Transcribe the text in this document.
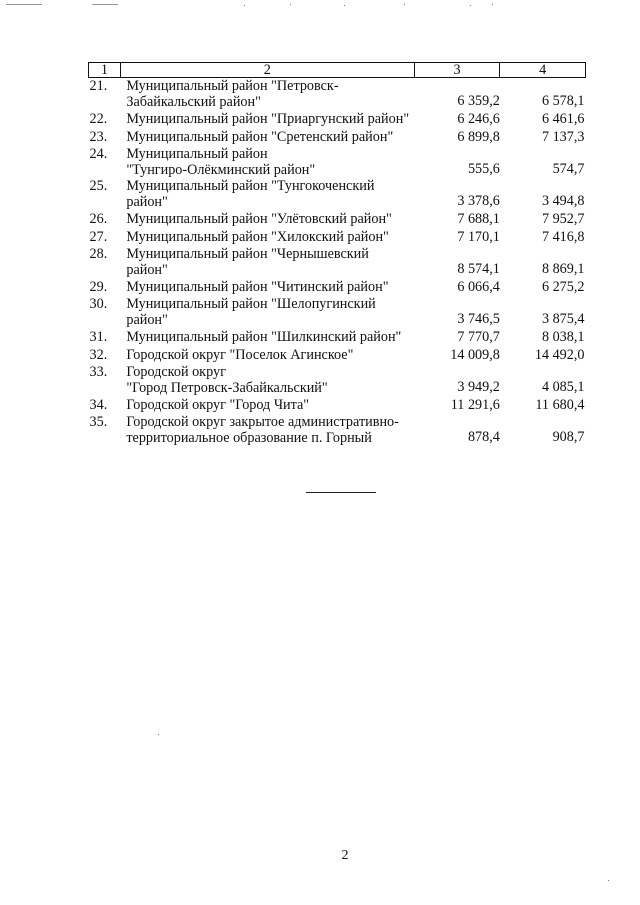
1	2	3	4
21.	Муниципальный район "Петровск-
Забайкальский район"	6 359,2	6 578,1
22.	Муниципальный район "Приаргунский район"	6 246,6	6 461,6
23.	Муниципальный район "Сретенский район"	6 899,8	7 137,3
24.	Муниципальный район
"Тунгиро-Олёкминский район"	555,6	574,7
25.	Муниципальный район "Тунгокоченский
район"	3 378,6	3 494,8
26.	Муниципальный район "Улётовский район"	7 688,1	7 952,7
27.	Муниципальный район "Хилокский район"	7 170,1	7 416,8
28.	Муниципальный район "Чернышевский
район"	8 574,1	8 869,1
29.	Муниципальный район "Читинский район"	6 066,4	6 275,2
30.	Муниципальный район "Шелопугинский
район"	3 746,5	3 875,4
31.	Муниципальный район "Шилкинский район"	7 770,7	8 038,1
32.	Городской округ "Поселок Агинское"	14 009,8	14 492,0
33.	Городской округ
"Город Петровск-Забайкальский"	3 949,2	4 085,1
34.	Городской округ "Город Чита"	11 291,6	11 680,4
35.	Городской округ закрытое административно-
территориальное образование п. Горный	878,4	908,7
2
